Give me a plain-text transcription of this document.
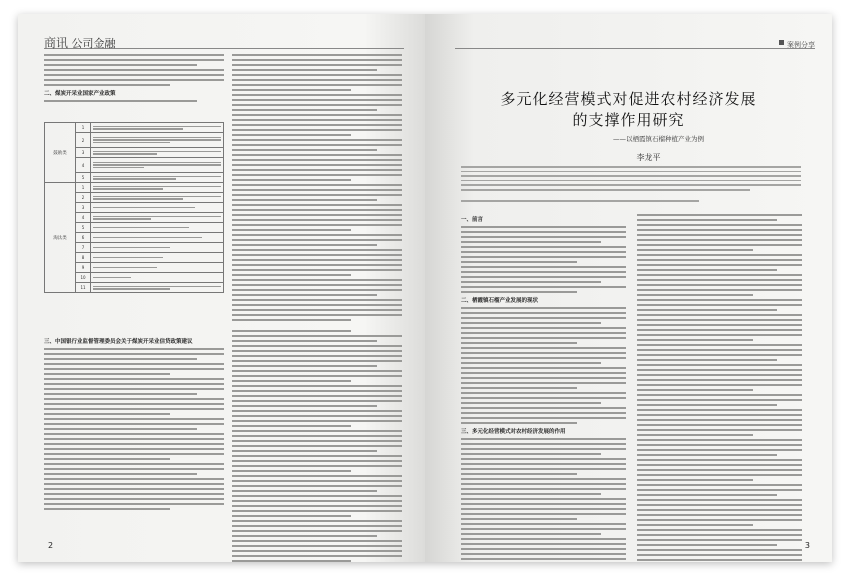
商讯 公司金融
二、煤炭开采业国家产业政策
鼓励类	1	

	2	

	3	

	4	

	5	

淘汰类	1	

	2	

	3	

	4	

	5	

	6	

	7	

	8	

	9	

	10	

	11	
三、中国银行业监督管理委员会关于煤炭开采业信贷政策建议
2
案例分享
多元化经营模式对促进农村经济发展
的支撑作用研究
——以栖霞镇石榴种植产业为例
李龙平
一、前言
二、栖霞镇石榴产业发展的现状
三、多元化经营模式对农村经济发展的作用
3
